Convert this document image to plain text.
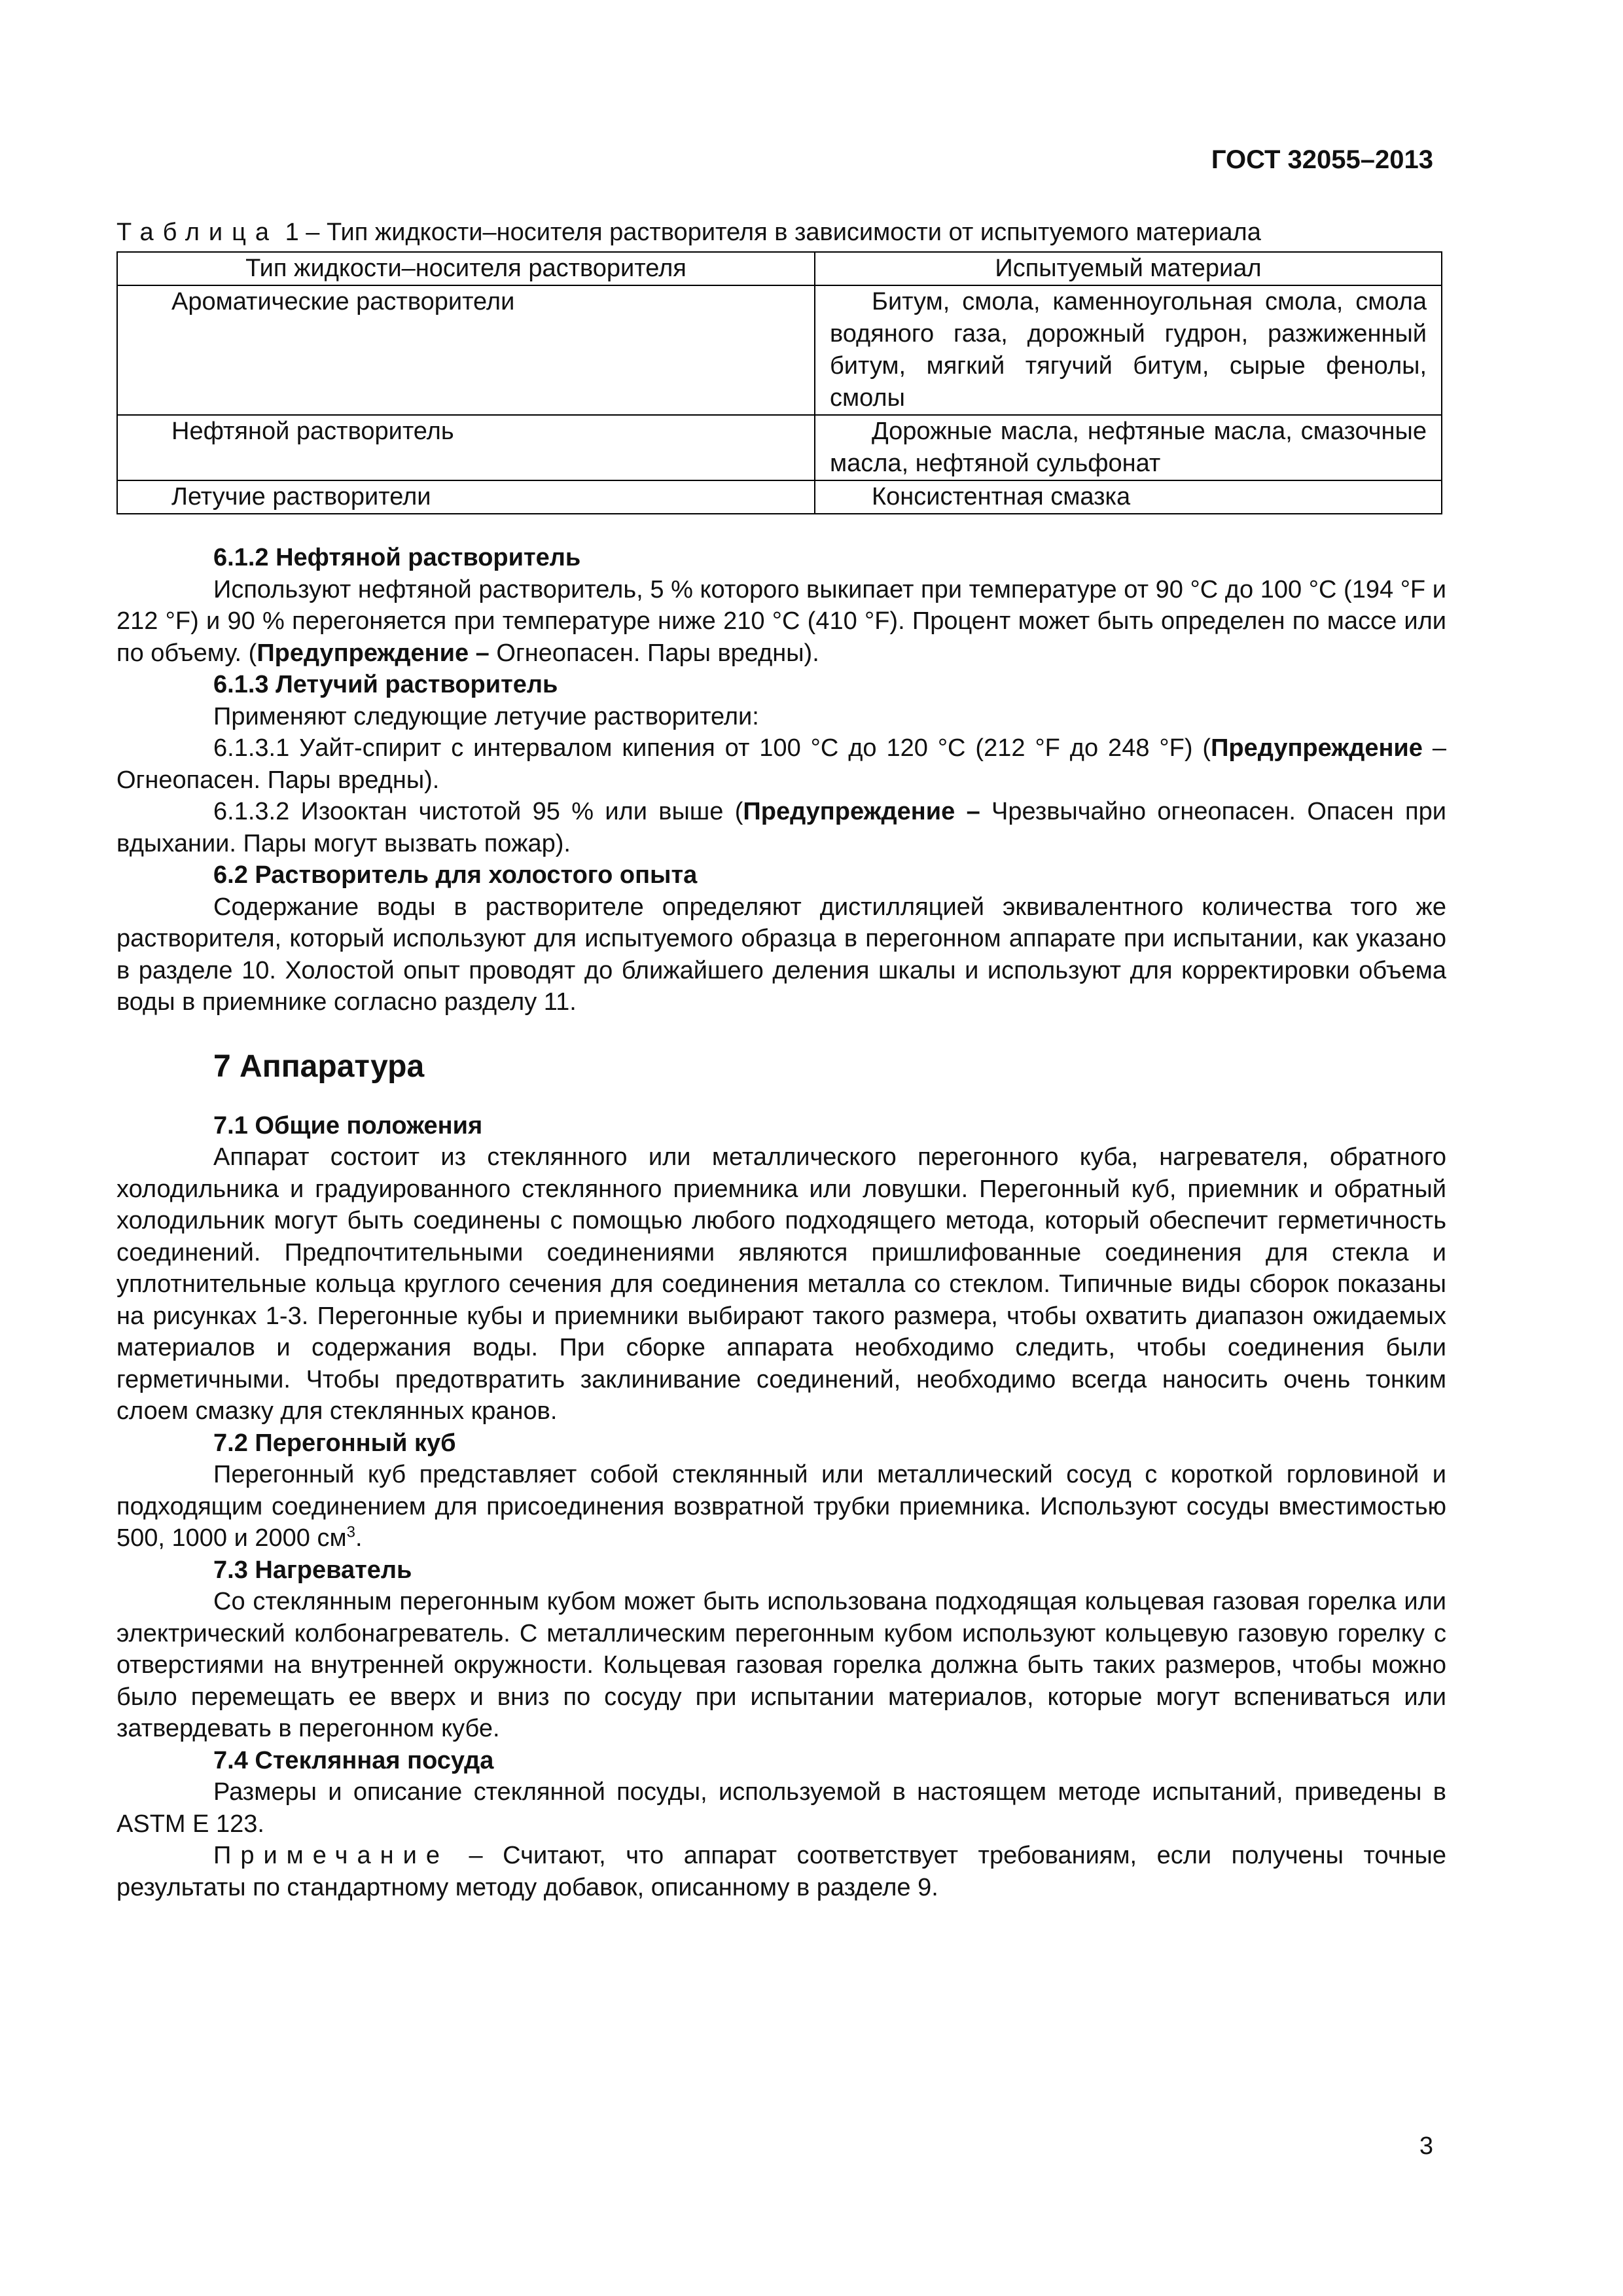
ГОСТ 32055–2013
Таблица 1 – Тип жидкости–носителя растворителя в зависимости от испытуемого материала
Тип жидкости–носителя растворителя	Испытуемый материал
Ароматические растворители	Битум, смола, каменноугольная смола, смола водяного газа, дорожный гудрон, разжиженный битум, мягкий тягучий битум, сырые фенолы, смолы
Нефтяной растворитель	Дорожные масла, нефтяные масла, смазочные масла, нефтяной сульфонат
Летучие растворители	Консистентная смазка
6.1.2 Нефтяной растворитель

Используют нефтяной растворитель, 5 % которого выкипает при температуре от 90 °С до 100 °С (194 °F и 212 °F) и 90 % перегоняется при температуре ниже 210 °С (410 °F). Процент может быть определен по массе или по объему. (Предупреждение – Огнеопасен. Пары вредны).

6.1.3 Летучий растворитель

Применяют следующие летучие растворители:

6.1.3.1 Уайт-спирит с интервалом кипения от 100 °С до 120 °С (212 °F до 248 °F) (Предупреждение – Огнеопасен. Пары вредны).

6.1.3.2 Изооктан чистотой 95 % или выше (Предупреждение – Чрезвычайно огнеопасен. Опасен при вдыхании. Пары могут вызвать пожар).

6.2 Растворитель для холостого опыта

Содержание воды в растворителе определяют дистилляцией эквивалентного количества того же растворителя, который используют для испытуемого образца в перегонном аппарате при испытании, как указано в разделе 10. Холостой опыт проводят до ближайшего деления шкалы и используют для корректировки объема воды в приемнике согласно разделу 11.

7 Аппаратура
7.1 Общие положения

Аппарат состоит из стеклянного или металлического перегонного куба, нагревателя, обратного холодильника и градуированного стеклянного приемника или ловушки. Перегонный куб, приемник и обратный холодильник могут быть соединены с помощью любого подходящего метода, который обеспечит герметичность соединений. Предпочтительными соединениями являются пришлифованные соединения для стекла и уплотнительные кольца круглого сечения для соединения металла со стеклом. Типичные виды сборок показаны на рисунках 1-3. Перегонные кубы и приемники выбирают такого размера, чтобы охватить диапазон ожидаемых материалов и содержания воды. При сборке аппарата необходимо следить, чтобы соединения были герметичными. Чтобы предотвратить заклинивание соединений, необходимо всегда наносить очень тонким слоем смазку для стеклянных кранов.

7.2 Перегонный куб

Перегонный куб представляет собой стеклянный или металлический сосуд с короткой горловиной и подходящим соединением для присоединения возвратной трубки приемника. Используют сосуды вместимостью 500, 1000 и 2000 $см^3$.

7.3 Нагреватель

Со стеклянным перегонным кубом может быть использована подходящая кольцевая газовая горелка или электрический колбонагреватель. С металлическим перегонным кубом используют кольцевую газовую горелку с отверстиями на внутренней окружности. Кольцевая газовая горелка должна быть таких размеров, чтобы можно было перемещать ее вверх и вниз по сосуду при испытании материалов, которые могут вспениваться или затвердевать в перегонном кубе.

7.4 Стеклянная посуда

Размеры и описание стеклянной посуды, используемой в настоящем методе испытаний, приведены в ASTM E 123.

Примечание – Считают, что аппарат соответствует требованиям, если получены точные результаты по стандартному методу добавок, описанному в разделе 9.

3
